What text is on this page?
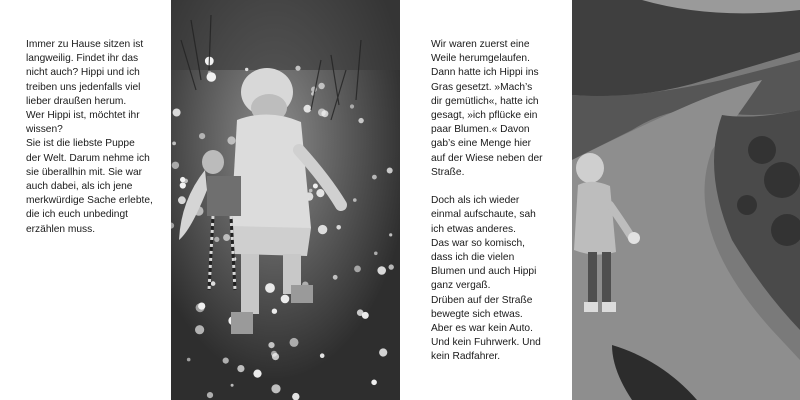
Immer zu Hause sitzen ist
langweilig. Findet ihr das
nicht auch? Hippi und ich
treiben uns jedenfalls viel
lieber draußen herum.
Wer Hippi ist, möchtet ihr
wissen?
Sie ist die liebste Puppe
der Welt. Darum nehme ich
sie überallhin mit. Sie war
auch dabei, als ich jene
merkwürdige Sache erlebte,
die ich euch unbedingt
erzählen muss.

Wir waren zuerst eine
Weile herumgelaufen.
Dann hatte ich Hippi ins
Gras gesetzt. »Mach’s
dir gemütlich«, hatte ich
gesagt, »ich pflücke ein
paar Blumen.« Davon
gab’s eine Menge hier
auf der Wiese neben der
Straße.

Doch als ich wieder
einmal aufschaute, sah
ich etwas anderes.
Das war so komisch,
dass ich die vielen
Blumen und auch Hippi
ganz vergaß.
Drüben auf der Straße
bewegte sich etwas.
Aber es war kein Auto.
Und kein Fuhrwerk. Und
kein Radfahrer.
